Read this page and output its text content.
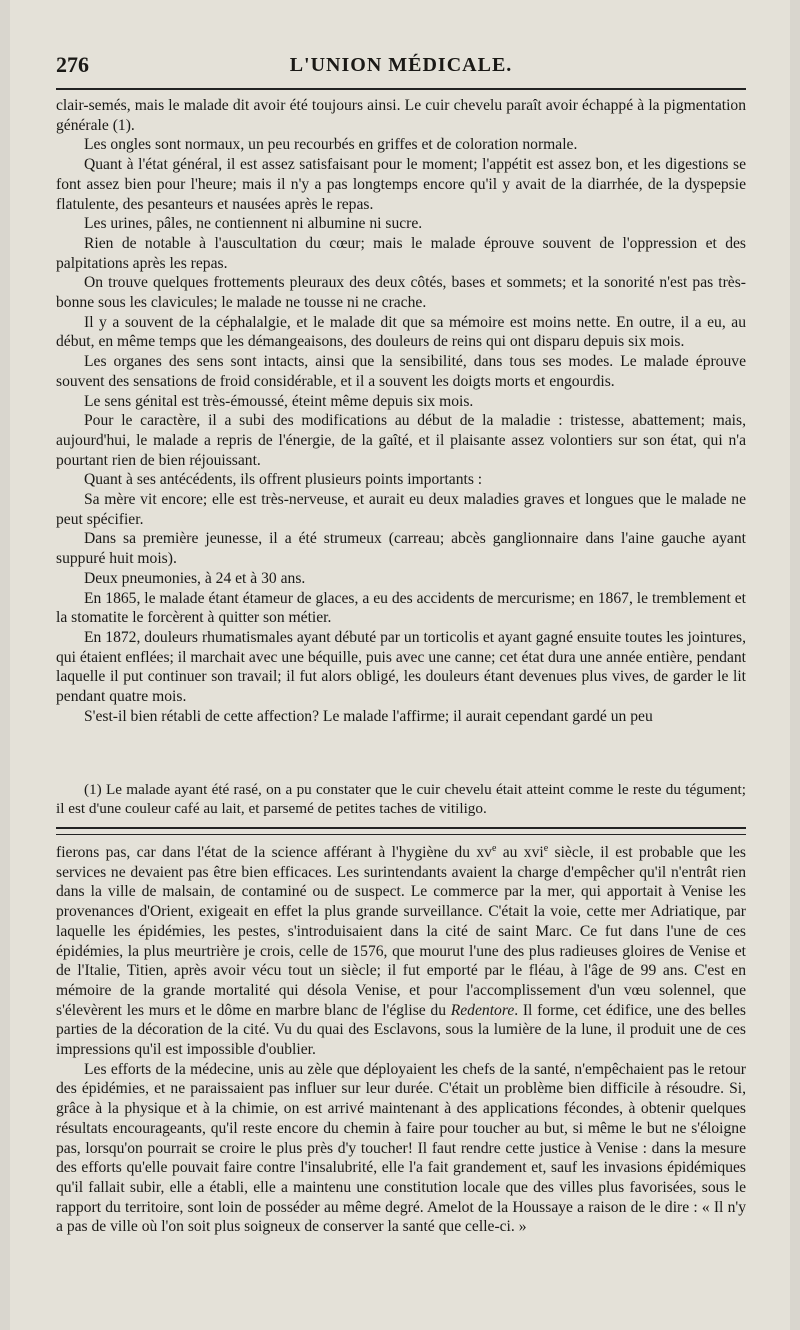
276	L'UNION MÉDICALE.

clair-semés, mais le malade dit avoir été toujours ainsi. Le cuir chevelu paraît avoir échappé à la pigmentation générale (1).

Les ongles sont normaux, un peu recourbés en griffes et de coloration normale.

Quant à l'état général, il est assez satisfaisant pour le moment; l'appétit est assez bon, et les digestions se font assez bien pour l'heure; mais il n'y a pas longtemps encore qu'il y avait de la diarrhée, de la dyspepsie flatulente, des pesanteurs et nausées après le repas.

Les urines, pâles, ne contiennent ni albumine ni sucre.

Rien de notable à l'auscultation du cœur; mais le malade éprouve souvent de l'oppression et des palpitations après les repas.

On trouve quelques frottements pleuraux des deux côtés, bases et sommets; et la sonorité n'est pas très-bonne sous les clavicules; le malade ne tousse ni ne crache.

Il y a souvent de la céphalalgie, et le malade dit que sa mémoire est moins nette. En outre, il a eu, au début, en même temps que les démangeaisons, des douleurs de reins qui ont disparu depuis six mois.

Les organes des sens sont intacts, ainsi que la sensibilité, dans tous ses modes. Le malade éprouve souvent des sensations de froid considérable, et il a souvent les doigts morts et engourdis.

Le sens génital est très-émoussé, éteint même depuis six mois.

Pour le caractère, il a subi des modifications au début de la maladie : tristesse, abattement; mais, aujourd'hui, le malade a repris de l'énergie, de la gaîté, et il plaisante assez volontiers sur son état, qui n'a pourtant rien de bien réjouissant.

Quant à ses antécédents, ils offrent plusieurs points importants :

Sa mère vit encore; elle est très-nerveuse, et aurait eu deux maladies graves et longues que le malade ne peut spécifier.

Dans sa première jeunesse, il a été strumeux (carreau; abcès ganglionnaire dans l'aine gauche ayant suppuré huit mois).

Deux pneumonies, à 24 et à 30 ans.

En 1865, le malade étant étameur de glaces, a eu des accidents de mercurisme; en 1867, le tremblement et la stomatite le forcèrent à quitter son métier.

En 1872, douleurs rhumatismales ayant débuté par un torticolis et ayant gagné ensuite toutes les jointures, qui étaient enflées; il marchait avec une béquille, puis avec une canne; cet état dura une année entière, pendant laquelle il put continuer son travail; il fut alors obligé, les douleurs étant devenues plus vives, de garder le lit pendant quatre mois.

S'est-il bien rétabli de cette affection? Le malade l'affirme; il aurait cependant gardé un peu

(1) Le malade ayant été rasé, on a pu constater que le cuir chevelu était atteint comme le reste du tégument; il est d'une couleur café au lait, et parsemé de petites taches de vitiligo.

fierons pas, car dans l'état de la science afférant à l'hygiène du $xv^e$ au xvi$^e$ siècle, il est probable que les services ne devaient pas être bien efficaces. Les surintendants avaient la charge d'empêcher qu'il n'entrât rien dans la ville de malsain, de contaminé ou de suspect. Le commerce par la mer, qui apportait à Venise les provenances d'Orient, exigeait en effet la plus grande surveillance. C'était la voie, cette mer Adriatique, par laquelle les épidémies, les pestes, s'introduisaient dans la cité de saint Marc. Ce fut dans l'une de ces épidémies, la plus meurtrière je crois, celle de 1576, que mourut l'une des plus radieuses gloires de Venise et de l'Italie, Titien, après avoir vécu tout un siècle; il fut emporté par le fléau, à l'âge de 99 ans. C'est en mémoire de la grande mortalité qui désola Venise, et pour l'accomplissement d'un vœu solennel, que s'élevèrent les murs et le dôme en marbre blanc de l'église du Redentore. Il forme, cet édifice, une des belles parties de la décoration de la cité. Vu du quai des Esclavons, sous la lumière de la lune, il produit une de ces impressions qu'il est impossible d'oublier.

Les efforts de la médecine, unis au zèle que déployaient les chefs de la santé, n'empêchaient pas le retour des épidémies, et ne paraissaient pas influer sur leur durée. C'était un problème bien difficile à résoudre. Si, grâce à la physique et à la chimie, on est arrivé maintenant à des applications fécondes, à obtenir quelques résultats encourageants, qu'il reste encore du chemin à faire pour toucher au but, si même le but ne s'éloigne pas, lorsqu'on pourrait se croire le plus près d'y toucher! Il faut rendre cette justice à Venise : dans la mesure des efforts qu'elle pouvait faire contre l'insalubrité, elle l'a fait grandement et, sauf les invasions épidémiques qu'il fallait subir, elle a établi, elle a maintenu une constitution locale que des villes plus favorisées, sous le rapport du territoire, sont loin de posséder au même degré. Amelot de la Houssaye a raison de le dire : « Il n'y a pas de ville où l'on soit plus soigneux de conserver la santé que celle-ci. »
